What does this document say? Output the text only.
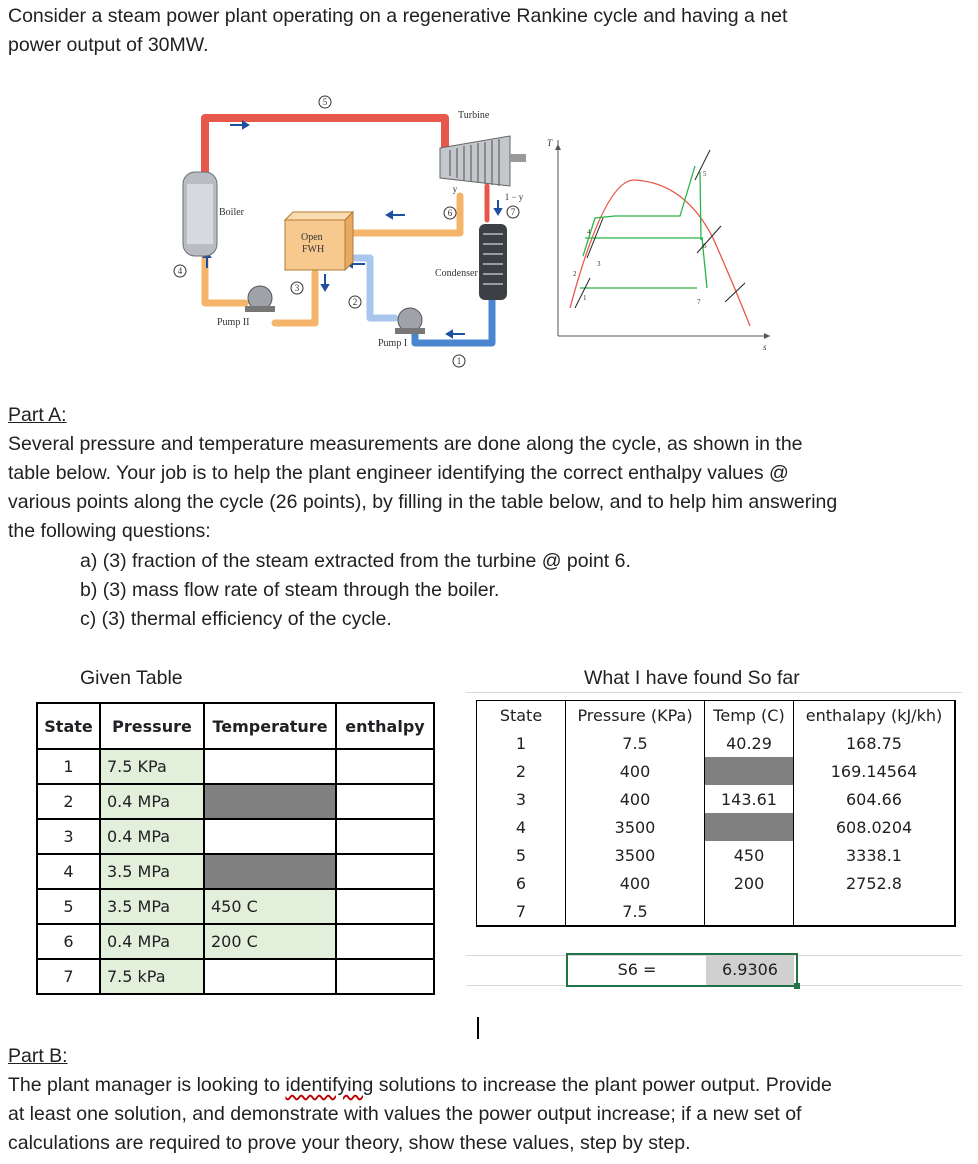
Consider a steam power plant operating on a regenerative Rankine cycle and having a net

power output of 30MW.

Boiler
Turbine
Open
FWH
Condenser
Pump I
Pump II
5
6	7
4
3
2
1
y
1 − y
T
s
1
2
3
4
5
6
7

Part A:

Several pressure and temperature measurements are done along the cycle, as shown in the

table below. Your job is to help the plant engineer identifying the correct enthalpy values @

various points along the cycle (26 points), by filling in the table below, and to help him answering

the following questions:

a) (3) fraction of the steam extracted from the turbine @ point 6.
b) (3) mass flow rate of steam through the boiler.
c) (3) thermal efficiency of the cycle.
Given Table	What I have found So far
State	Pressure	Temperature	enthalpy
1	7.5 KPa		
2	0.4 MPa		
3	0.4 MPa		
4	3.5 MPa		
5	3.5 MPa	450 C	
6	0.4 MPa	200 C	
7	7.5 kPa		
State	Pressure (KPa)	Temp (C)	enthalapy (kJ/kh)
1	7.5	40.29	168.75
2	400		169.14564
3	400	143.61	604.66
4	3500		608.0204
5	3500	450	3338.1
6	400	200	2752.8
7	7.5		
S6 =	6.9306

Part B:

The plant manager is looking to identifying solutions to increase the plant power output. Provide

at least one solution, and demonstrate with values the power output increase; if a new set of

calculations are required to prove your theory, show these values, step by step.
